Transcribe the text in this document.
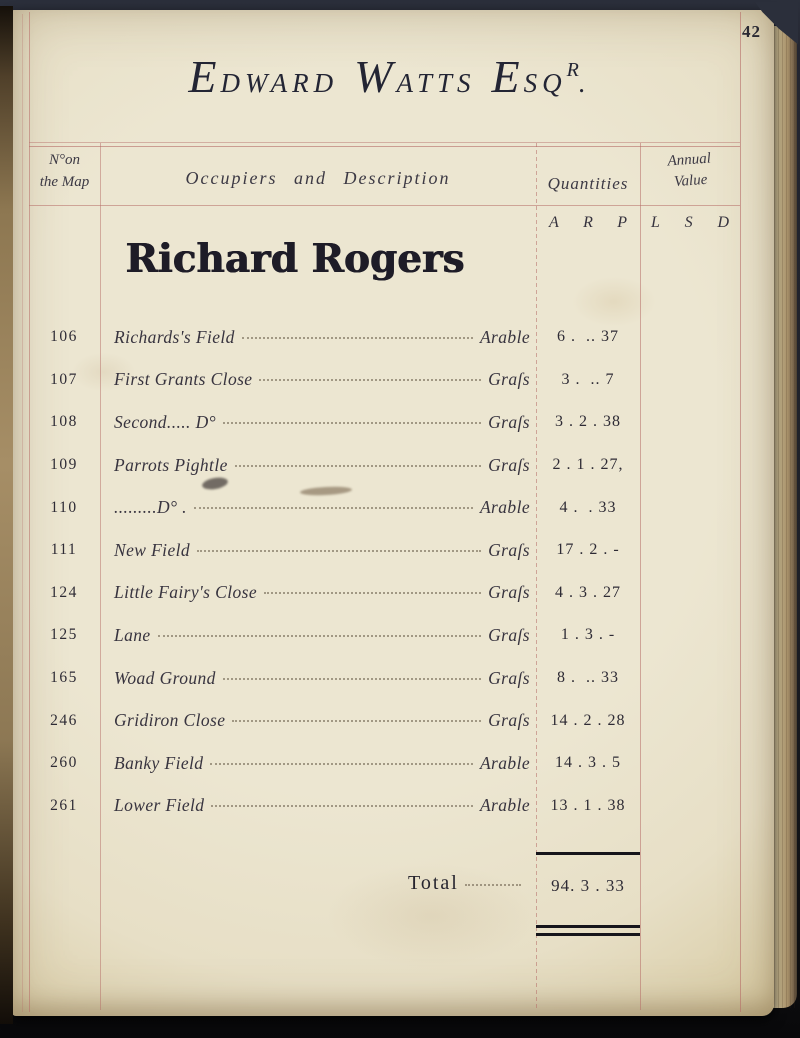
42
EDWARD WATTS ESQR.
N°on
the Map	Occupiers and Description	Quantities
Annual
Value
A R P L S D
Richard Rogers
106	Richards's Field	Arable	6 .  .. 37
107	First Grants Close	Graſs	3 .  .. 7
108	Second..... D°	Graſs	3 . 2 . 38
109	Parrots Pightle	Graſs	2 . 1 . 27,
110	.........D° .	Arable	4 .  . 33
111	New Field	Graſs	17 . 2 . -
124	Little Fairy's Close	Graſs	4 . 3 . 27
125	Lane	Graſs	1 . 3 . -
165	Woad Ground	Graſs	8 .  .. 33
246	Gridiron Close	Graſs	14 . 2 . 28
260	Banky Field	Arable	14 . 3 . 5
261	Lower Field	Arable	13 . 1 . 38
Total	94. 3 . 33
